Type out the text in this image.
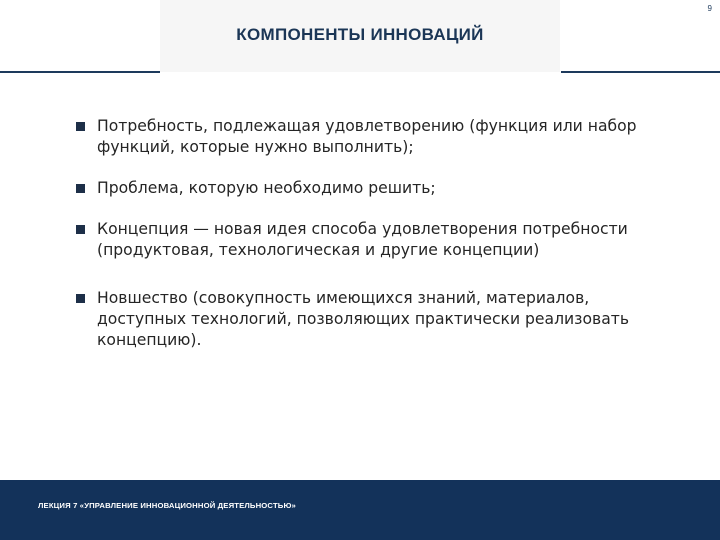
9
КОМПОНЕНТЫ ИННОВАЦИЙ
Потребность, подлежащая удовлетворению (функция или набор функций, которые нужно выполнить);
Проблема, которую необходимо решить;
Концепция — новая идея способа удовлетворения потребности (продуктовая, технологическая и другие концепции)
Новшество (совокупность имеющихся знаний, материалов, доступных технологий, позволяющих практически реализовать концепцию).
ЛЕКЦИЯ 7 «УПРАВЛЕНИЕ ИННОВАЦИОННОЙ ДЕЯТЕЛЬНОСТЬЮ»
